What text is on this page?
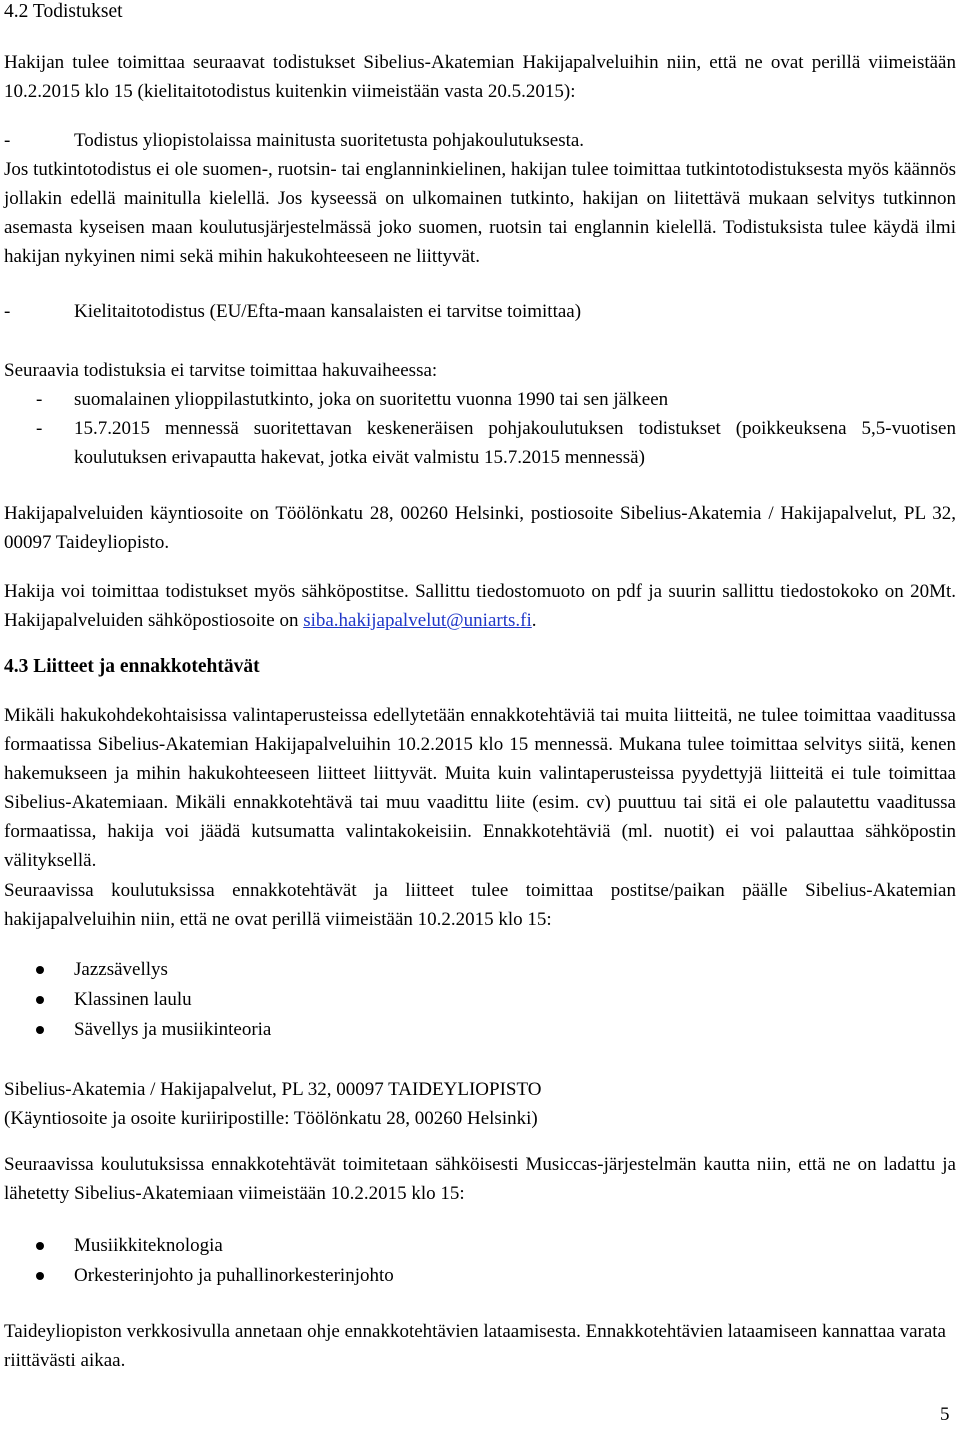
4.2 Todistukset

Hakijan tulee toimittaa seuraavat todistukset Sibelius-Akatemian Hakijapalveluihin niin, että ne ovat perillä viimeistään 10.2.2015 klo 15 (kielitaitotodistus kuitenkin viimeistään vasta 20.5.2015):

-	Todistus yliopistolaissa mainitusta suoritetusta pohjakoulutuksesta.

Jos tutkintotodistus ei ole suomen-, ruotsin- tai englanninkielinen, hakijan tulee toimittaa tutkintotodistuksesta myös käännös jollakin edellä mainitulla kielellä. Jos kyseessä on ulkomainen tutkinto, hakijan on liitettävä mukaan selvitys tutkinnon asemasta kyseisen maan koulutusjärjestelmässä joko suomen, ruotsin tai englannin kielellä. Todistuksista tulee käydä ilmi hakijan nykyinen nimi sekä mihin hakukohteeseen ne liittyvät.

-	Kielitaitotodistus (EU/Efta-maan kansalaisten ei tarvitse toimittaa)

Seuraavia todistuksia ei tarvitse toimittaa hakuvaiheessa:

- suomalainen ylioppilastutkinto, joka on suoritettu vuonna 1990 tai sen jälkeen
- 15.7.2015 mennessä suoritettavan keskeneräisen pohjakoulutuksen todistukset (poikkeuksena 5,5-vuotisen koulutuksen erivapautta hakevat, jotka eivät valmistu 15.7.2015 mennessä)

Hakijapalveluiden käyntiosoite on Töölönkatu 28, 00260 Helsinki, postiosoite Sibelius-Akatemia / Hakijapalvelut, PL 32, 00097 Taideyliopisto.

Hakija voi toimittaa todistukset myös sähköpostitse. Sallittu tiedostomuoto on pdf ja suurin sallittu tiedostokoko on 20Mt. Hakijapalveluiden sähköpostiosoite on siba.hakijapalvelut@uniarts.fi.

4.3 Liitteet ja ennakkotehtävät

Mikäli hakukohdekohtaisissa valintaperusteissa edellytetään ennakkotehtäviä tai muita liitteitä, ne tulee toimittaa vaaditussa formaatissa Sibelius-Akatemian Hakijapalveluihin 10.2.2015 klo 15 mennessä. Mukana tulee toimittaa selvitys siitä, kenen hakemukseen ja mihin hakukohteeseen liitteet liittyvät. Muita kuin valintaperusteissa pyydettyjä liitteitä ei tule toimittaa Sibelius-Akatemiaan. Mikäli ennakkotehtävä tai muu vaadittu liite (esim. cv) puuttuu tai sitä ei ole palautettu vaaditussa formaatissa, hakija voi jäädä kutsumatta valintakokeisiin. Ennakkotehtäviä (ml. nuotit) ei voi palauttaa sähköpostin välityksellä.

Seuraavissa koulutuksissa ennakkotehtävät ja liitteet tulee toimittaa postitse/paikan päälle Sibelius-Akatemian hakijapalveluihin niin, että ne ovat perillä viimeistään 10.2.2015 klo 15:

Jazzsävellys
Klassinen laulu
Sävellys ja musiikinteoria
Sibelius-Akatemia / Hakijapalvelut, PL 32, 00097 TAIDEYLIOPISTO
(Käyntiosoite ja osoite kuriiripostille: Töölönkatu 28, 00260 Helsinki)

Seuraavissa koulutuksissa ennakkotehtävät toimitetaan sähköisesti Musiccas-järjestelmän kautta niin, että ne on ladattu ja lähetetty Sibelius-Akatemiaan viimeistään 10.2.2015 klo 15:

Musiikkiteknologia
Orkesterinjohto ja puhallinorkesterinjohto

Taideyliopiston verkkosivulla annetaan ohje ennakkotehtävien lataamisesta. Ennakkotehtävien lataamiseen kannattaa varata riittävästi aikaa.

5
